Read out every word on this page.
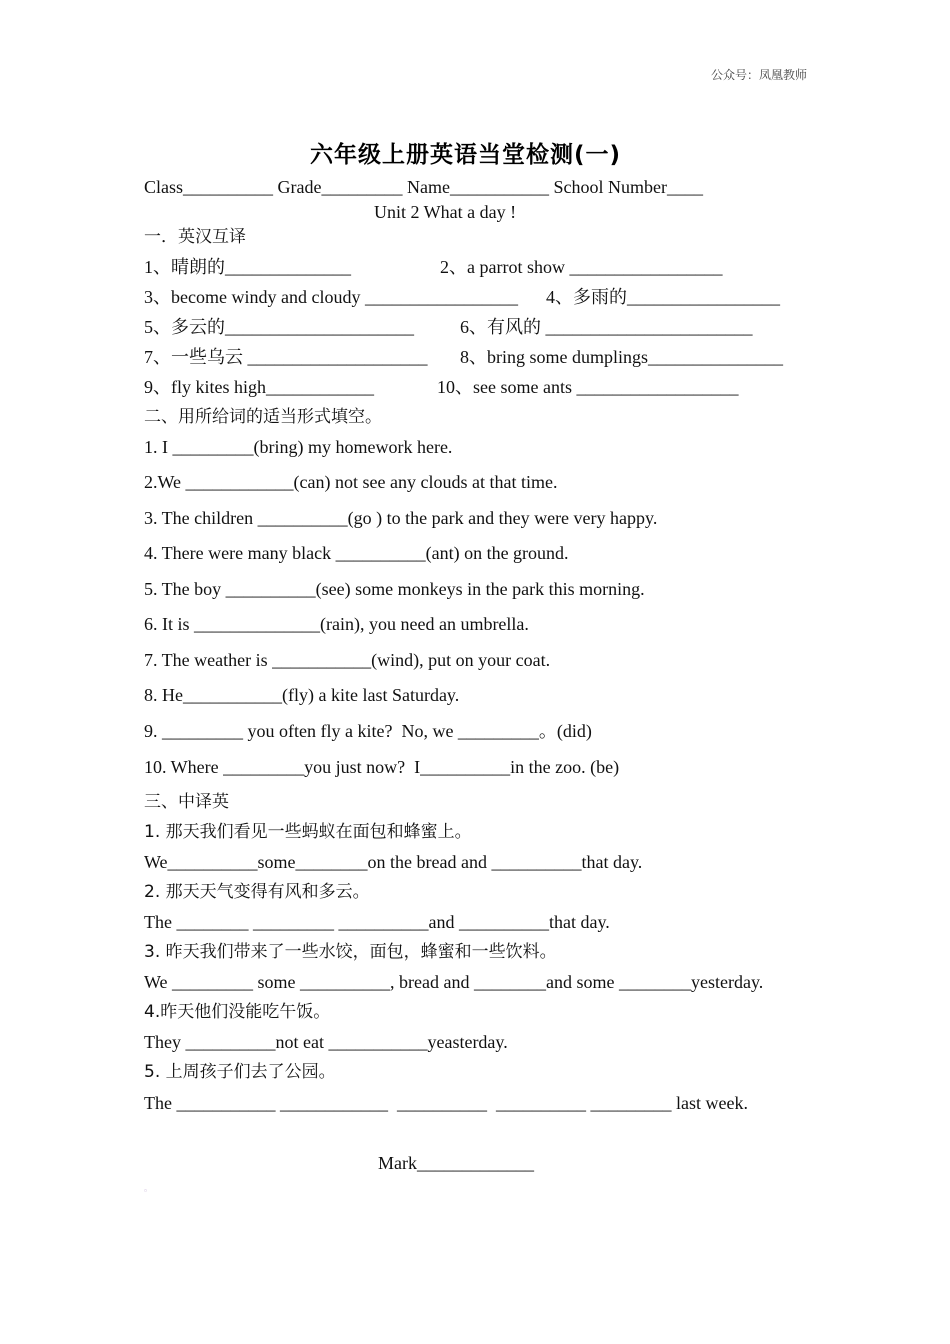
公众号：凤凰教师
六年级上册英语当堂检测(一)
Class__________ Grade_________ Name___________ School Number____
Unit 2 What a day !
一．英汉互译
1、晴朗的______________	2、a parrot show _________________
3、become windy and cloudy _________________ 4、多雨的_________________
5、多云的_____________________	6、有风的 _______________________
7、一些乌云 ____________________ 8、bring some dumplings_______________
9、fly kites high____________	10、see some ants __________________
二、用所给词的适当形式填空。
1. I _________(bring) my homework here.
2.We ____________(can) not see any clouds at that time.
3. The children __________(go ) to the park and they were very happy.
4. There were many black __________(ant) on the ground.
5. The boy __________(see) some monkeys in the park this morning.
6. It is ______________(rain), you need an umbrella.
7. The weather is ___________(wind), put on your coat.
8. He___________(fly) a kite last Saturday.
9. _________ you often fly a kite?  No, we _________。(did)
10. Where _________you just now?  I__________in the zoo. (be)
三、中译英
1. 那天我们看见一些蚂蚁在面包和蜂蜜上。
We__________some________on the bread and __________that day.
2. 那天天气变得有风和多云。
The ________ _________ __________and __________that day.
3. 昨天我们带来了一些水饺，面包，蜂蜜和一些饮料。
We _________ some __________, bread and ________and some ________yesterday.
4.昨天他们没能吃午饭。
They __________not eat ___________yeasterday.
5. 上周孩子们去了公园。
The ___________ ____________  __________  __________ _________ last week.
Mark_____________
▫
